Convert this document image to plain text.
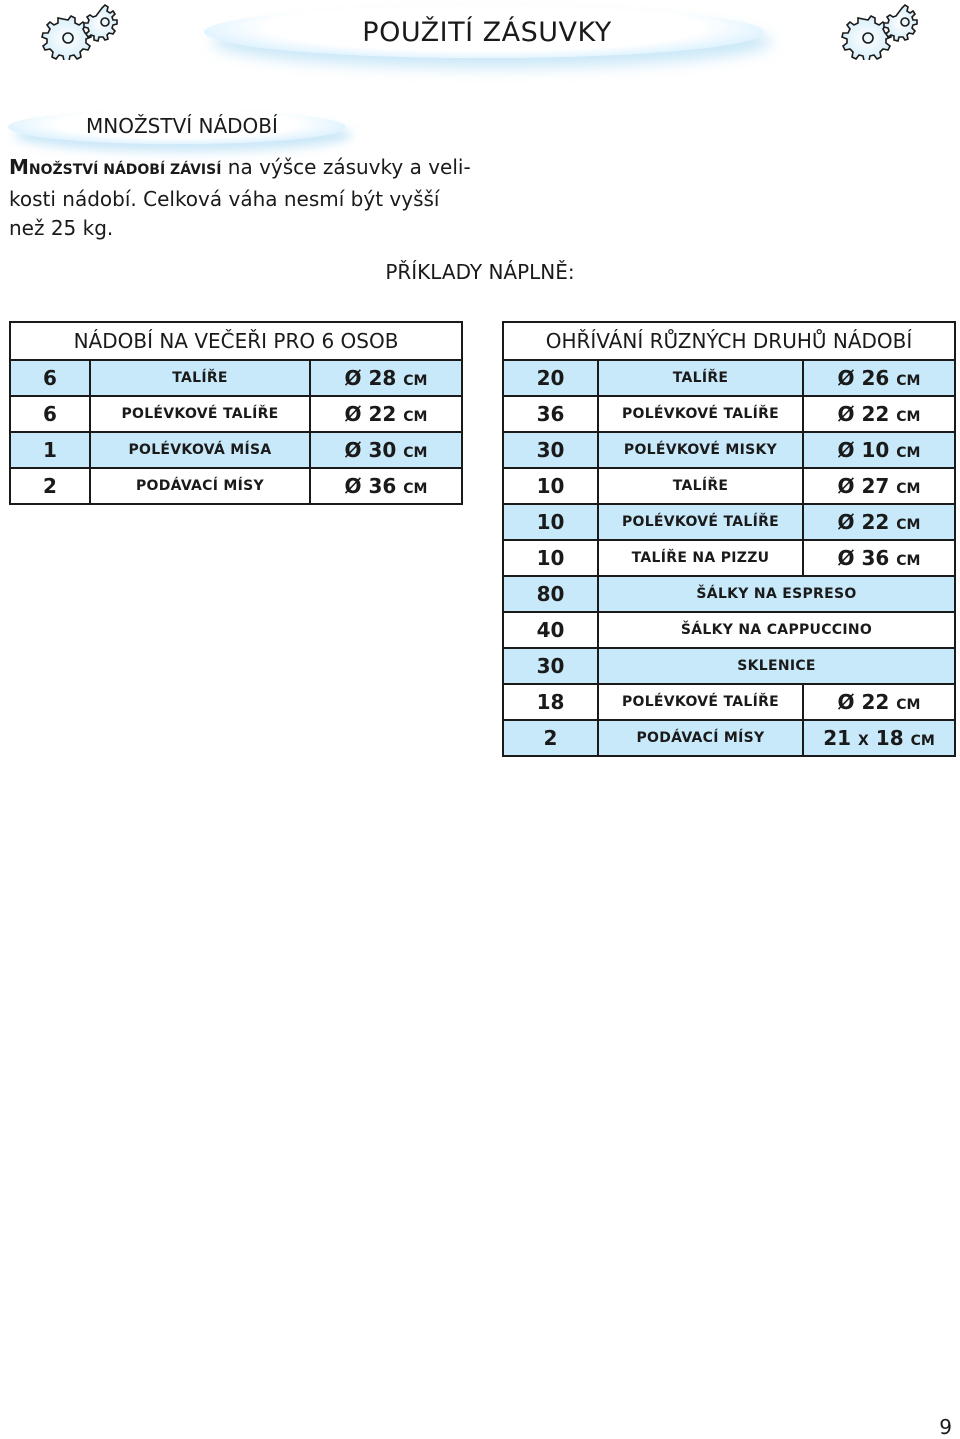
POUŽITÍ ZÁSUVKY
MNOŽSTVÍ NÁDOBÍ
MNOŽSTVÍ NÁDOBÍ ZÁVISÍ na výšce zásuvky a veli-kosti nádobí. Celková váha nesmí být vyšší než 25 kg.
PŘÍKLADY NÁPLNĚ:
NÁDOBÍ NA VEČEŘI PRO 6 OSOB		
6	TALÍŘE	Ø 28 CM
6	POLÉVKOVÉ TALÍŘE	Ø 22 CM
1	POLÉVKOVÁ MÍSA	Ø 30 CM
2	PODÁVACÍ MÍSY	Ø 36 CM
OHŘÍVÁNÍ RŮZNÝCH DRUHŮ NÁDOBÍ		
20	TALÍŘE	Ø 26 CM
36	POLÉVKOVÉ TALÍŘE	Ø 22 CM
30	POLÉVKOVÉ MISKY	Ø 10 CM
10	TALÍŘE	Ø 27 CM
10	POLÉVKOVÉ TALÍŘE	Ø 22 CM
10	TALÍŘE NA PIZZU	Ø 36 CM
80	ŠÁLKY NA ESPRESO	
40	ŠÁLKY NA CAPPUCCINO	
30	SKLENICE	
18	POLÉVKOVÉ TALÍŘE	Ø 22 CM
2	PODÁVACÍ MÍSY	21 X 18 CM
9
